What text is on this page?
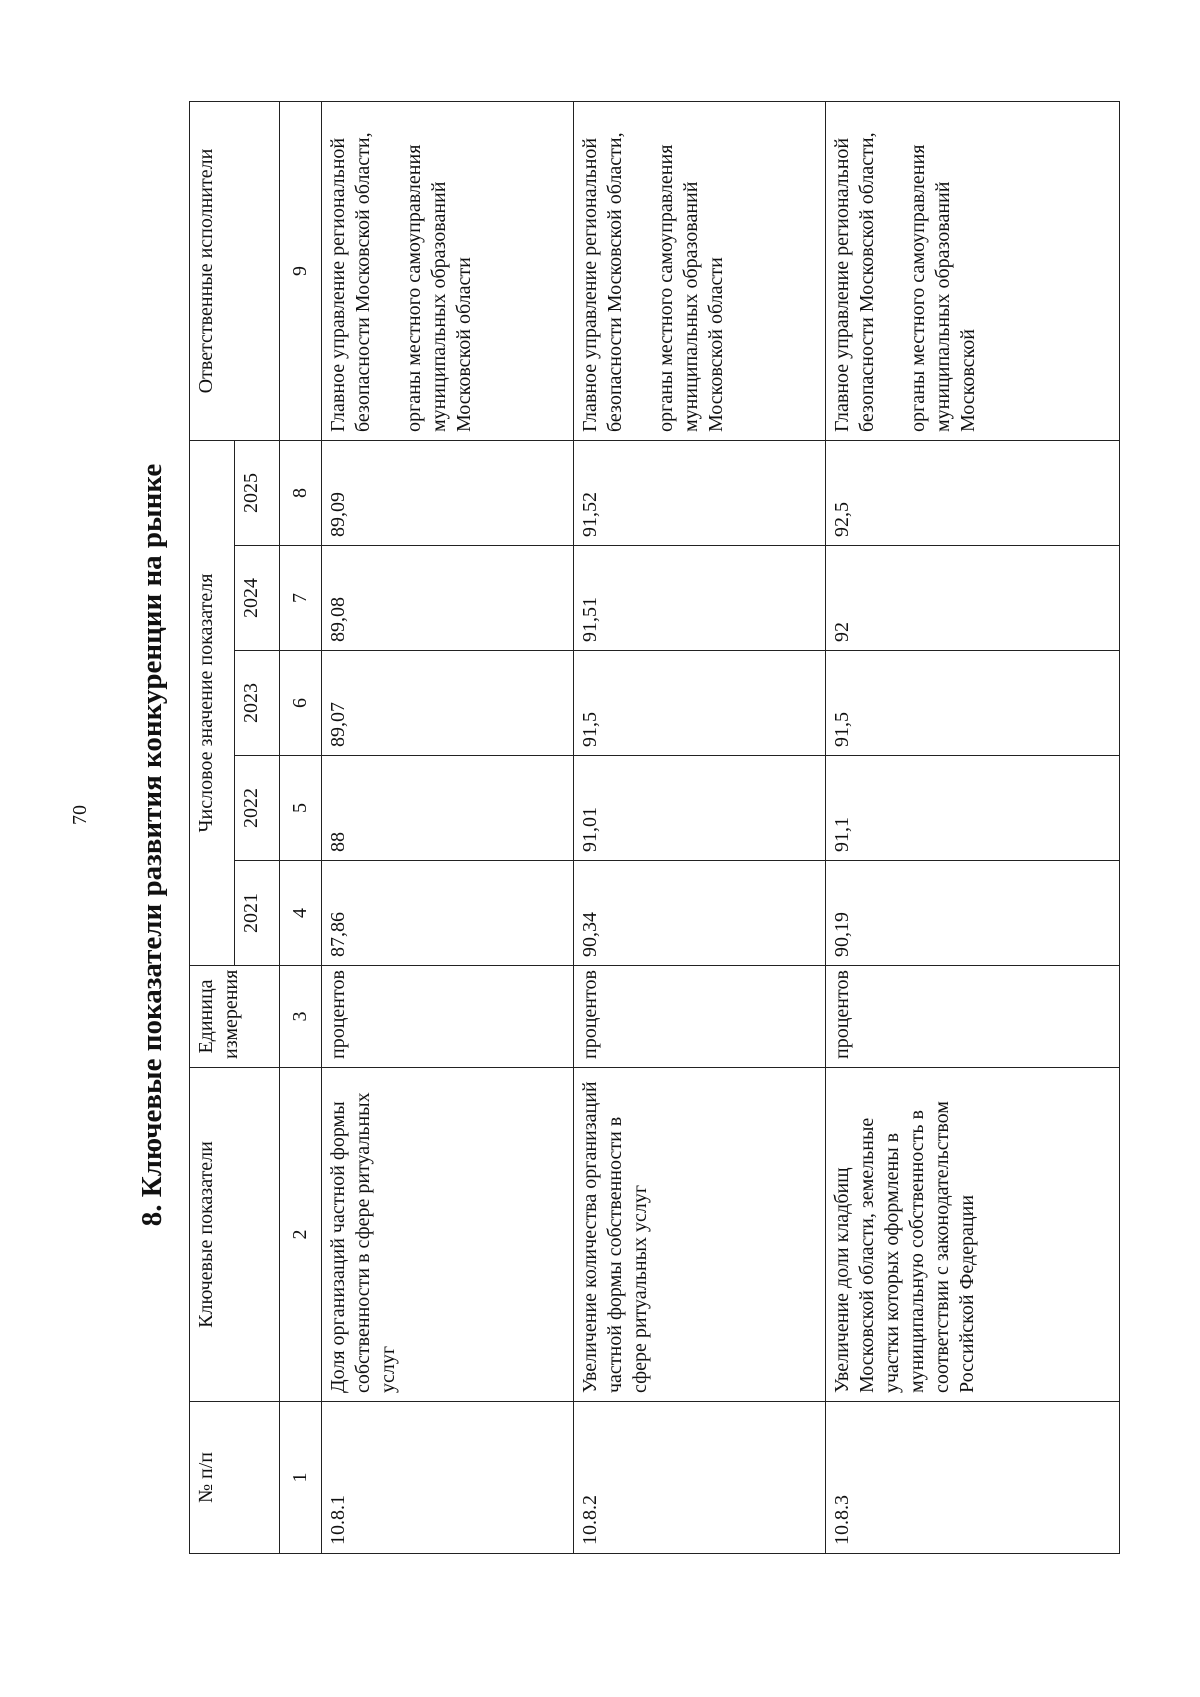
70 8. Ключевые показатели развития конкуренции на рынке
№ п/п	Ключевые показатели	Единица измерения	Числовое значение показателя					Ответственные исполнители
			2021	2022	2023	2024	2025	
1	2	3	4	5	6	7	8	9
10.8.1	Доля организаций частной формы собственности в сфере ритуальных услуг	процентов	87,86	88	89,07	89,08	89,09	Главное управление региональной безопасности Московской области, органы местного самоуправления муниципальных образований Московской области

10.8.2	Увеличение количества организаций частной формы собственности в сфере ритуальных услуг	процентов	90,34	91,01	91,5	91,51	91,52	Главное управление региональной безопасности Московской области, органы местного самоуправления муниципальных образований Московской области

10.8.3	Увеличение доли кладбищ Московской области, земельные участки которых оформлены в муниципальную собственность в соответствии с законодательством Российской Федерации	процентов	90,19	91,1	91,5	92	92,5	Главное управление региональной безопасности Московской области, органы местного самоуправления муниципальных образований Московской
